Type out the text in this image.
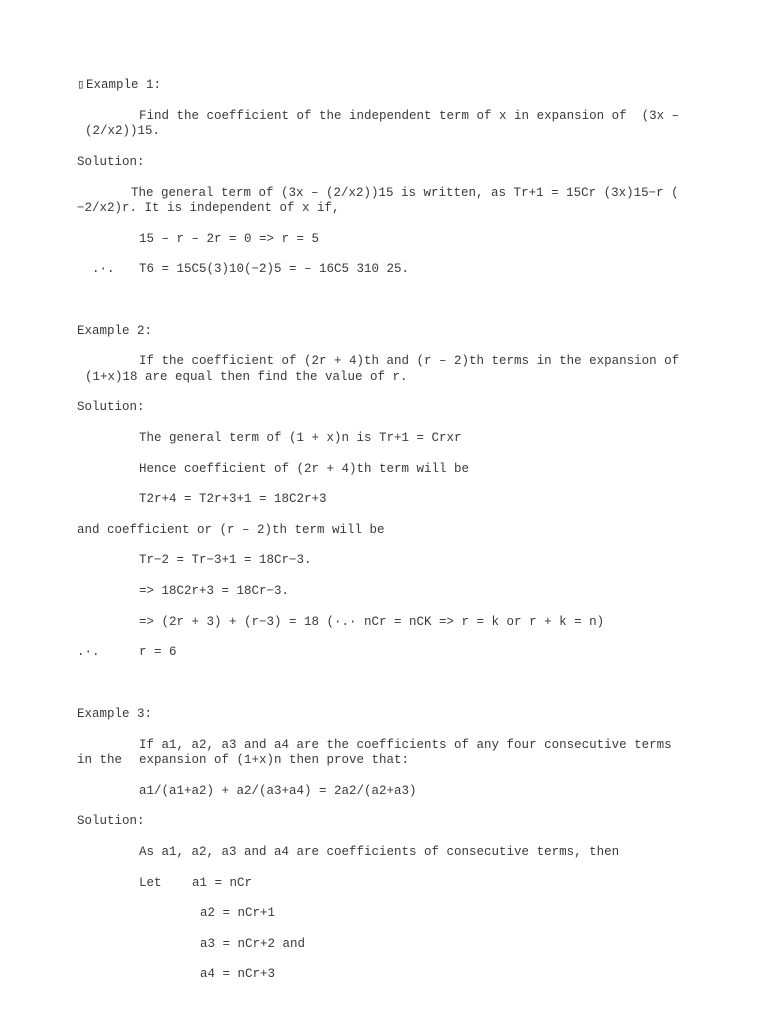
▯ Example 1:
Find the coefficient of the independent term of x in expansion of  (3x –
(2/x2))15.
Solution:
The general term of (3x – (2/x2))15 is written, as Tr+1 = 15Cr (3x)15−r (
−2/x2)r. It is independent of x if,
15 – r – 2r = 0 => r = 5
.·. T6 = 15C5(3)10(−2)5 = – 16C5 310 25.
Example 2:
If the coefficient of (2r + 4)th and (r – 2)th terms in the expansion of
(1+x)18 are equal then find the value of r.
Solution:
The general term of (1 + x)n is Tr+1 = Crxr
Hence coefficient of (2r + 4)th term will be
T2r+4 = T2r+3+1 = 18C2r+3
and coefficient or (r – 2)th term will be
Tr−2 = Tr−3+1 = 18Cr−3.
=> 18C2r+3 = 18Cr−3.
=> (2r + 3) + (r−3) = 18 (·.· nCr = nCK => r = k or r + k = n)
.·.	r = 6
Example 3:
If a1, a2, a3 and a4 are the coefficients of any four consecutive terms
in the expansion of (1+x)n then prove that:
a1/(a1+a2) + a2/(a3+a4) = 2a2/(a2+a3)
Solution:
As a1, a2, a3 and a4 are coefficients of consecutive terms, then
Let a1 = nCr
a2 = nCr+1
a3 = nCr+2 and
a4 = nCr+3
